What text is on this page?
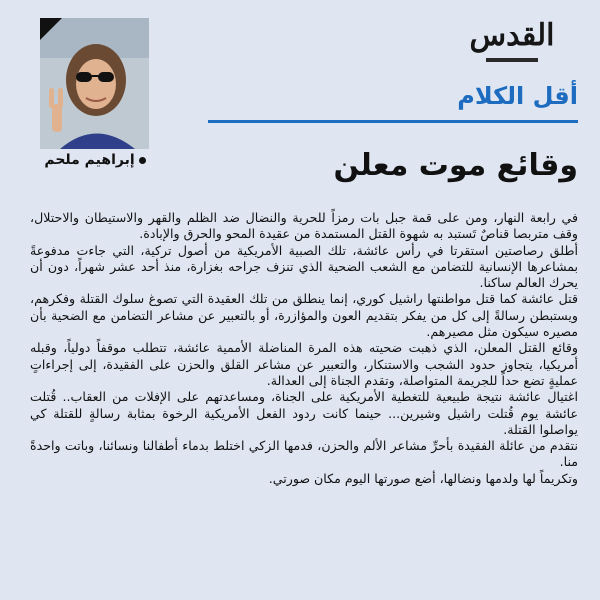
إبراهيم ملحم
القدس
أقل الكلام
وقائع موت معلن

في رابعة النهار، ومن على قمة جبل بات رمزاً للحرية والنضال ضد الظلم والقهر والاستيطان والاحتلال، وقف متربصا قناصٌ تَستبد به شهوة القتل المستمدة من عقيدة المحو والحرق والإبادة.

أطلق رصاصتين استقرتا في رأس عائشة، تلك الصبية الأمريكية من أصول تركية، التي جاءت مدفوعةً بمشاعرها الإنسانية للتضامن مع الشعب الضحية الذي تنزف جراحه بغزارة، منذ أحد عشر شهراً، دون أن يحرك العالم ساكنا.

قتل عائشة كما قتل مواطنتها راشيل كوري، إنما ينطلق من تلك العقيدة التي تصوغ سلوك القتلة وفكرهم، ويستبطن رسالةً إلى كل من يفكر بتقديم العون والمؤازرة، أو بالتعبير عن مشاعر التضامن مع الضحية بأن مصيره سيكون مثل مصيرهم.

وقائع القتل المعلن، الذي ذهبت ضحيته هذه المرة المناضلة الأممية عائشة، تتطلب موقفاً دولياً، وقبله أمريكيا، يتجاوز حدود الشجب والاستنكار، والتعبير عن مشاعر القلق والحزن على الفقيدة، إلى إجراءاتٍ عمليةٍ تضع حداً للجريمة المتواصلة، وتقدم الجناة إلى العدالة.

اغتيال عائشة نتيجة طبيعية للتغطية الأمريكية على الجناة، ومساعدتهم على الإفلات من العقاب.. قُتلت عائشة يوم قُتلت راشيل وشيرين... حينما كانت ردود الفعل الأمريكية الرخوة بمثابة رسالةٍ للقتلة كي يواصلوا القتلة.

نتقدم من عائلة الفقيدة بأحرِّ مشاعر الألم والحزن، فدمها الزكي اختلط بدماء أطفالنا ونسائنا، وباتت واحدةً منا.

وتكريماً لها ولدمها ونضالها، أضع صورتها اليوم مكان صورتي.
